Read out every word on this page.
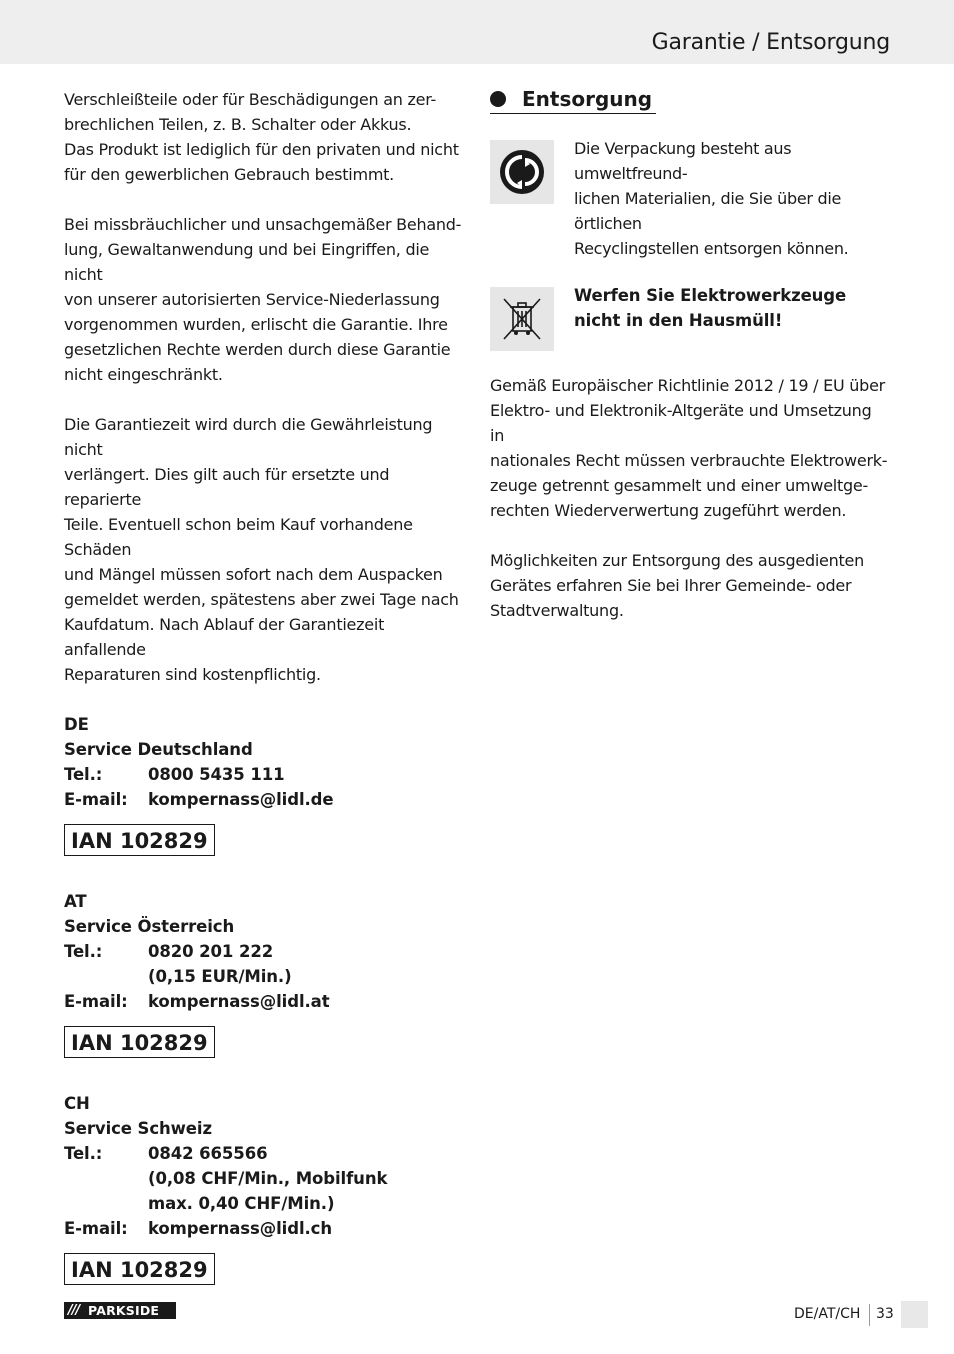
Garantie / Entsorgung

Verschleißteile oder für Beschädigungen an zer-
brechlichen Teilen, z. B. Schalter oder Akkus.
Das Produkt ist lediglich für den privaten und nicht
für den gewerblichen Gebrauch bestimmt.

Bei missbräuchlicher und unsachgemäßer Behand-
lung, Gewaltanwendung und bei Eingriffen, die nicht
von unserer autorisierten Service-Niederlassung
vorgenommen wurden, erlischt die Garantie. Ihre
gesetzlichen Rechte werden durch diese Garantie
nicht eingeschränkt.

Die Garantiezeit wird durch die Gewährleistung nicht
verlängert. Dies gilt auch für ersetzte und reparierte
Teile. Eventuell schon beim Kauf vorhandene Schäden
und Mängel müssen sofort nach dem Auspacken
gemeldet werden, spätestens aber zwei Tage nach
Kaufdatum. Nach Ablauf der Garantiezeit anfallende
Reparaturen sind kostenpflichtig.

DE
Service Deutschland
Tel.:	0800 5435 111
E-mail:	kompernass@lidl.de
IAN 102829
AT
Service Österreich
Tel.:	0820 201 222
(0,15 EUR/Min.)
E-mail:	kompernass@lidl.at
IAN 102829
CH
Service Schweiz
Tel.:	0842 665566
(0,08 CHF/Min., Mobilfunk
max. 0,40 CHF/Min.)
E-mail:	kompernass@lidl.ch
IAN 102829
Entsorgung
Die Verpackung besteht aus umweltfreund-
lichen Materialien, die Sie über die örtlichen
Recyclingstellen entsorgen können.
Werfen Sie Elektrowerkzeuge
nicht in den Hausmüll!

Gemäß Europäischer Richtlinie 2012 / 19 / EU über
Elektro- und Elektronik-Altgeräte und Umsetzung in
nationales Recht müssen verbrauchte Elektrowerk-
zeuge getrennt gesammelt und einer umweltge-
rechten Wiederverwertung zugeführt werden.

Möglichkeiten zur Entsorgung des ausgedienten
Gerätes erfahren Sie bei Ihrer Gemeinde- oder
Stadtverwaltung.

/// PARKSIDE	DE/AT/CH 33
